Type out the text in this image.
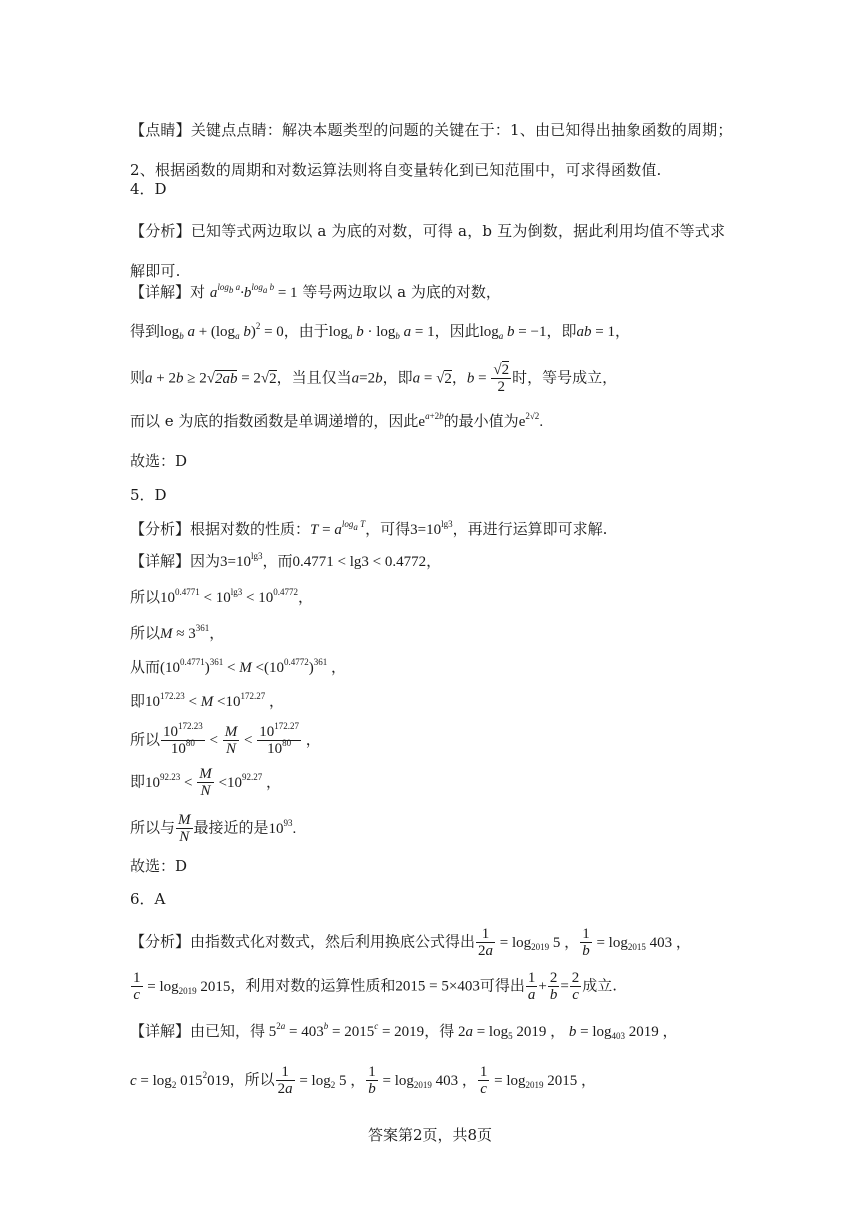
【点睛】关键点点睛：解决本题类型的问题的关键在于：1、由已知得出抽象函数的周期；2、根据函数的周期和对数运算法则将自变量转化到已知范围中，可求得函数值.
4．D
【分析】已知等式两边取以 a 为底的对数，可得 a，b 互为倒数，据此利用均值不等式求解即可.
【详解】对 $a^{log_b a}\cdot b^{log_a b} = 1$ 等号两边取以 a 为底的对数，
得到$\log_b a + (\log_a$ b)$^2$ = 0，由于$\log_a b \cdot \log_b a = 1$，因此$\log_a b = -1$，即ab = 1，
则a + 2b ≥ 2√2ab = 2√2，当且仅当a=2b，即a = √2，$b = \frac{√2}{2}$ 时，等号成立，
而以 e 为底的指数函数是单调递增的，因此$e^{a+2b}$的最小值为$e^{2√2}$.
故选：D
5．D
【分析】根据对数的性质：$T = a^{log_a T}$，可得$3=10^{lg3}$，再进行运算即可求解.
【详解】因为$3=10^{lg3}$，而0.4771 < lg3 < 0.4772，
所以$10^{0.4771} < 10^{lg3} < 10^{0.4772}$，
所以$M \approx 3^{361}$，
从而$(10^{0.4771})^{361} < M <(10^{0.4772})^{361}$ ，
即$10^{172.23} < M <10^{172.27}$ ，
所以 $\frac{10^{172.23}}{10^{80}} < \frac{M}{N} < \frac{10^{172.27}}{10^{80}}$ ，
即$10^{92.23} < \frac{M}{N} <10^{92.27}$ ，
所以与 $\frac{M}{N}$ 最接近的是$10^{93}$.
故选：D
6．A
【分析】由指数式化对数式，然后利用换底公式得出 $\frac{1}{2a} = \log_{2019} 5$ ， $\frac{1}{b} = \log_{2015} 403$ ，
$\frac{1}{c} = \log_{2019} 2015$，利用对数的运算性质和2015 = 5×403可得出 $\frac{1}{a} + \frac{2}{b} = \frac{2}{c}$ 成立.
【详解】由已知，得 $5^{2a} = 403^b = 2015^c = 2019$，得 $2a = \log_5 2019$ ， $b = \log_{403} 2019$ ，
$c = \log_2 015^2019$，所以 $\frac{1}{2a} = \log_2 5$ ， $\frac{1}{b} = \log_{2019} 403$ ， $\frac{1}{c} = \log_{2019} 2015$ ，
答案第2页，共8页
